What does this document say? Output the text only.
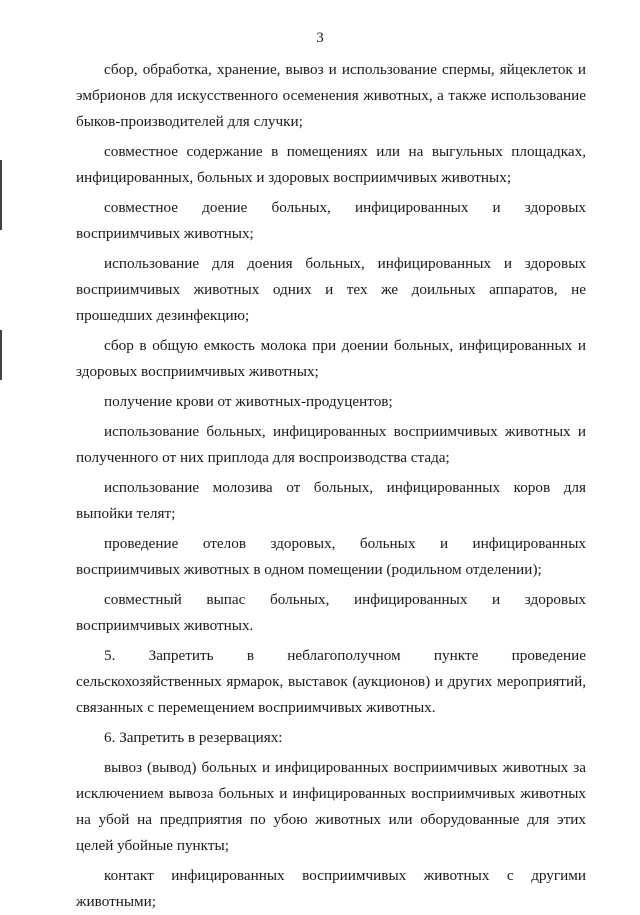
3

сбор, обработка, хранение, вывоз и использование спермы, яйцеклеток и эмбрионов для искусственного осеменения животных, а также использование быков-производителей для случки;

совместное содержание в помещениях или на выгульных площадках, инфицированных, больных и здоровых восприимчивых животных;

совместное доение больных, инфицированных и здоровых восприимчивых животных;

использование для доения больных, инфицированных и здоровых восприимчивых животных одних и тех же доильных аппаратов, не прошедших дезинфекцию;

сбор в общую емкость молока при доении больных, инфицированных и здоровых восприимчивых животных;

получение крови от животных-продуцентов;

использование больных, инфицированных восприимчивых животных и полученного от них приплода для воспроизводства стада;

использование молозива от больных, инфицированных коров для выпойки телят;

проведение отелов здоровых, больных и инфицированных восприимчивых животных в одном помещении (родильном отделении);

совместный выпас больных, инфицированных и здоровых восприимчивых животных.

5. Запретить в неблагополучном пункте проведение сельскохозяйственных ярмарок, выставок (аукционов) и других мероприятий, связанных с перемещением восприимчивых животных.

6. Запретить в резервациях:

вывоз (вывод) больных и инфицированных восприимчивых животных за исключением вывоза больных и инфицированных восприимчивых животных на убой на предприятия по убою животных или оборудованные для этих целей убойные пункты;

контакт инфицированных восприимчивых животных с другими животными;
